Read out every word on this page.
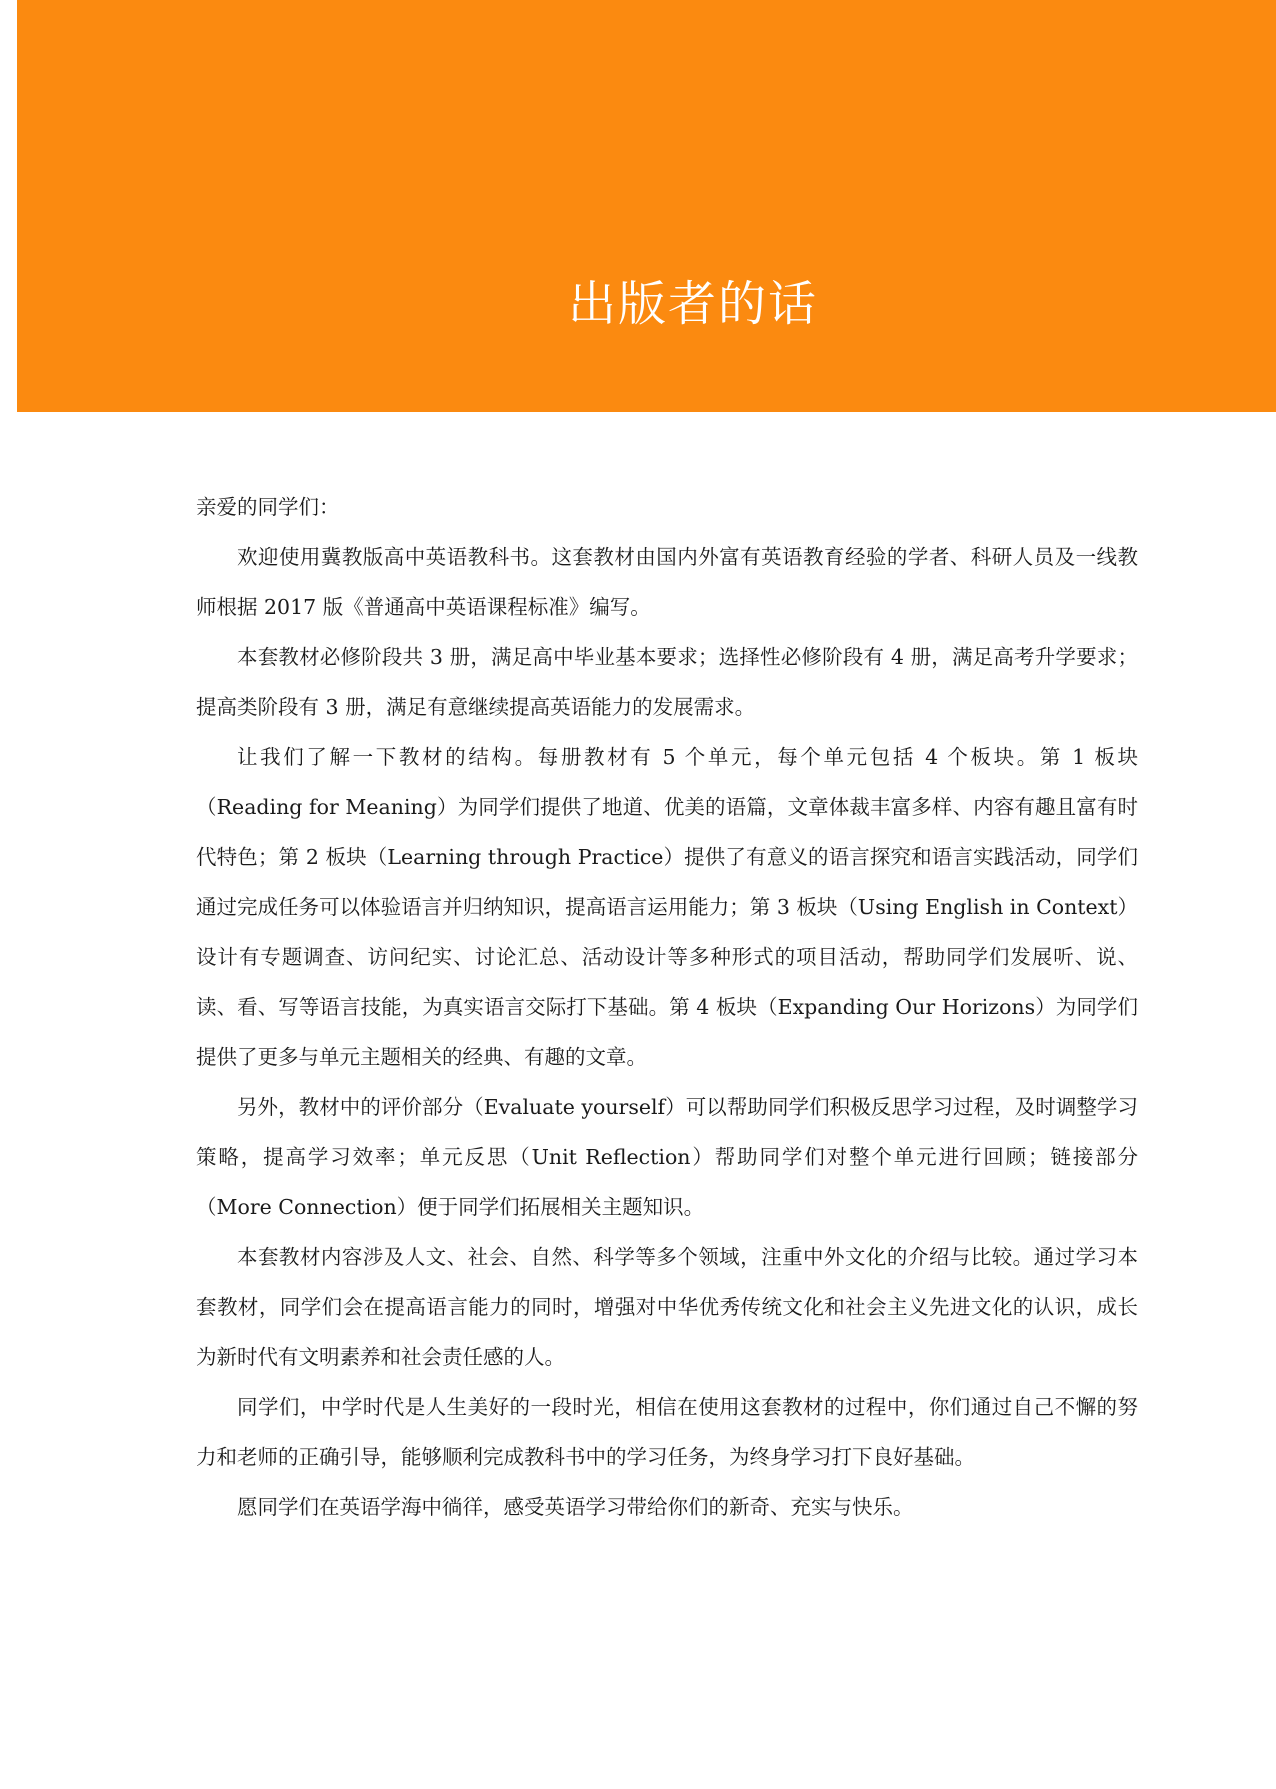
出版者的话

亲爱的同学们：

欢迎使用冀教版高中英语教科书。这套教材由国内外富有英语教育经验的学者、科研人员及一线教师根据 2017 版《普通高中英语课程标准》编写。

本套教材必修阶段共 3 册，满足高中毕业基本要求；选择性必修阶段有 4 册，满足高考升学要求；提高类阶段有 3 册，满足有意继续提高英语能力的发展需求。

让我们了解一下教材的结构。每册教材有 5 个单元，每个单元包括 4 个板块。第 1 板块（Reading for Meaning）为同学们提供了地道、优美的语篇，文章体裁丰富多样、内容有趣且富有时代特色；第 2 板块（Learning through Practice）提供了有意义的语言探究和语言实践活动，同学们通过完成任务可以体验语言并归纳知识，提高语言运用能力；第 3 板块（Using English in Context）设计有专题调查、访问纪实、讨论汇总、活动设计等多种形式的项目活动，帮助同学们发展听、说、读、看、写等语言技能，为真实语言交际打下基础。第 4 板块（Expanding Our Horizons）为同学们提供了更多与单元主题相关的经典、有趣的文章。

另外，教材中的评价部分（Evaluate yourself）可以帮助同学们积极反思学习过程，及时调整学习策略，提高学习效率；单元反思（Unit Reflection）帮助同学们对整个单元进行回顾；链接部分（More Connection）便于同学们拓展相关主题知识。

本套教材内容涉及人文、社会、自然、科学等多个领域，注重中外文化的介绍与比较。通过学习本套教材，同学们会在提高语言能力的同时，增强对中华优秀传统文化和社会主义先进文化的认识，成长为新时代有文明素养和社会责任感的人。

同学们，中学时代是人生美好的一段时光，相信在使用这套教材的过程中，你们通过自己不懈的努力和老师的正确引导，能够顺利完成教科书中的学习任务，为终身学习打下良好基础。

愿同学们在英语学海中徜徉，感受英语学习带给你们的新奇、充实与快乐。
